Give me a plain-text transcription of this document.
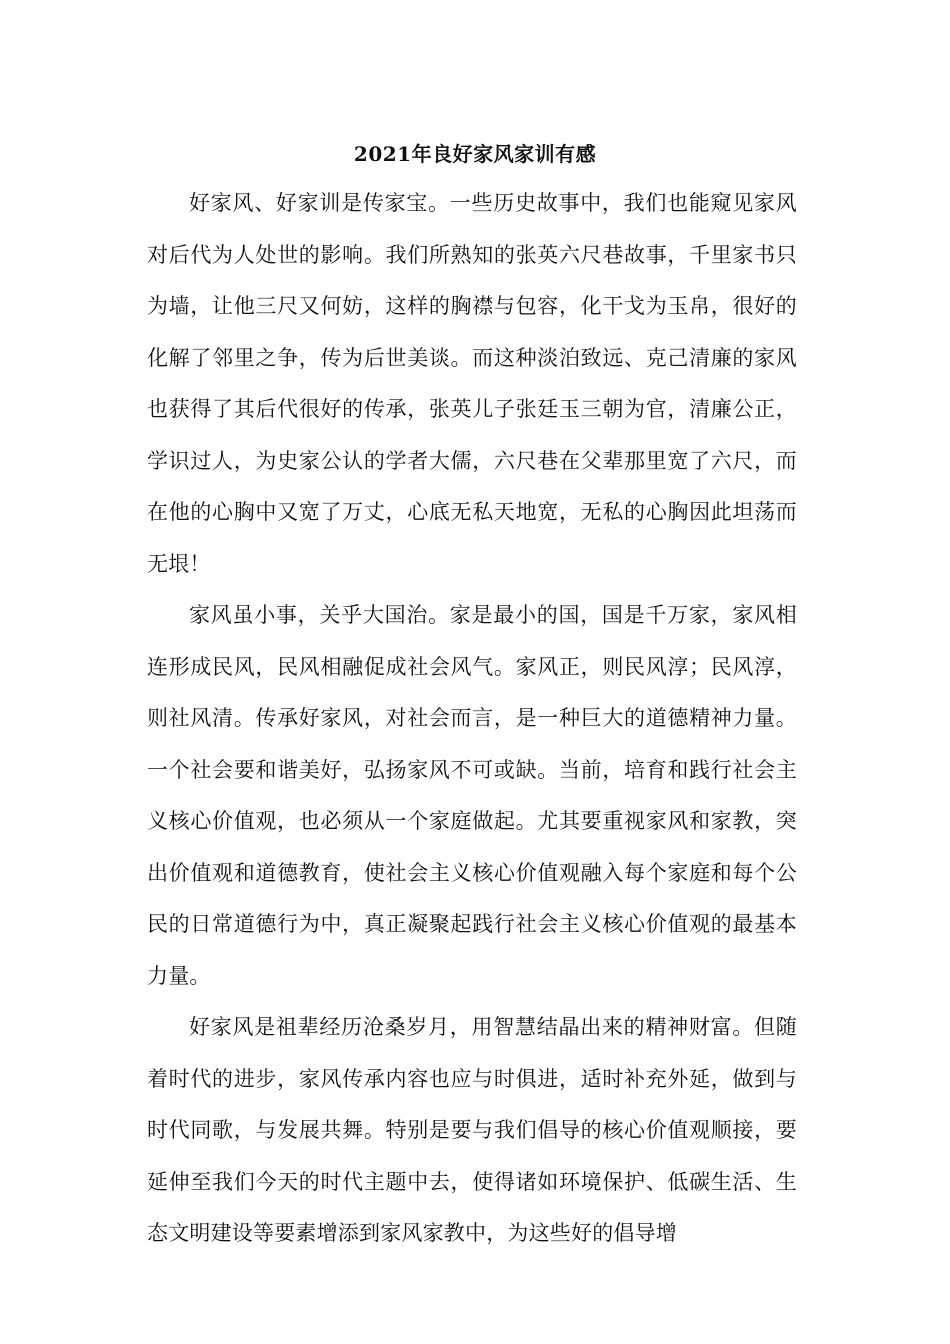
2021年良好家风家训有感

好家风、好家训是传家宝。一些历史故事中，我们也能窥见家风对后代为人处世的影响。我们所熟知的张英六尺巷故事，千里家书只为墙，让他三尺又何妨，这样的胸襟与包容，化干戈为玉帛，很好的化解了邻里之争，传为后世美谈。而这种淡泊致远、克己清廉的家风也获得了其后代很好的传承，张英儿子张廷玉三朝为官，清廉公正，学识过人，为史家公认的学者大儒，六尺巷在父辈那里宽了六尺，而在他的心胸中又宽了万丈，心底无私天地宽，无私的心胸因此坦荡而无垠！

家风虽小事，关乎大国治。家是最小的国，国是千万家，家风相连形成民风，民风相融促成社会风气。家风正，则民风淳；民风淳，则社风清。传承好家风，对社会而言，是一种巨大的道德精神力量。一个社会要和谐美好，弘扬家风不可或缺。当前，培育和践行社会主义核心价值观，也必须从一个家庭做起。尤其要重视家风和家教，突出价值观和道德教育，使社会主义核心价值观融入每个家庭和每个公民的日常道德行为中，真正凝聚起践行社会主义核心价值观的最基本力量。

好家风是祖辈经历沧桑岁月，用智慧结晶出来的精神财富。但随着时代的进步，家风传承内容也应与时俱进，适时补充外延，做到与时代同歌，与发展共舞。特别是要与我们倡导的核心价值观顺接，要延伸至我们今天的时代主题中去，使得诸如环境保护、低碳生活、生态文明建设等要素增添到家风家教中，为这些好的倡导增
